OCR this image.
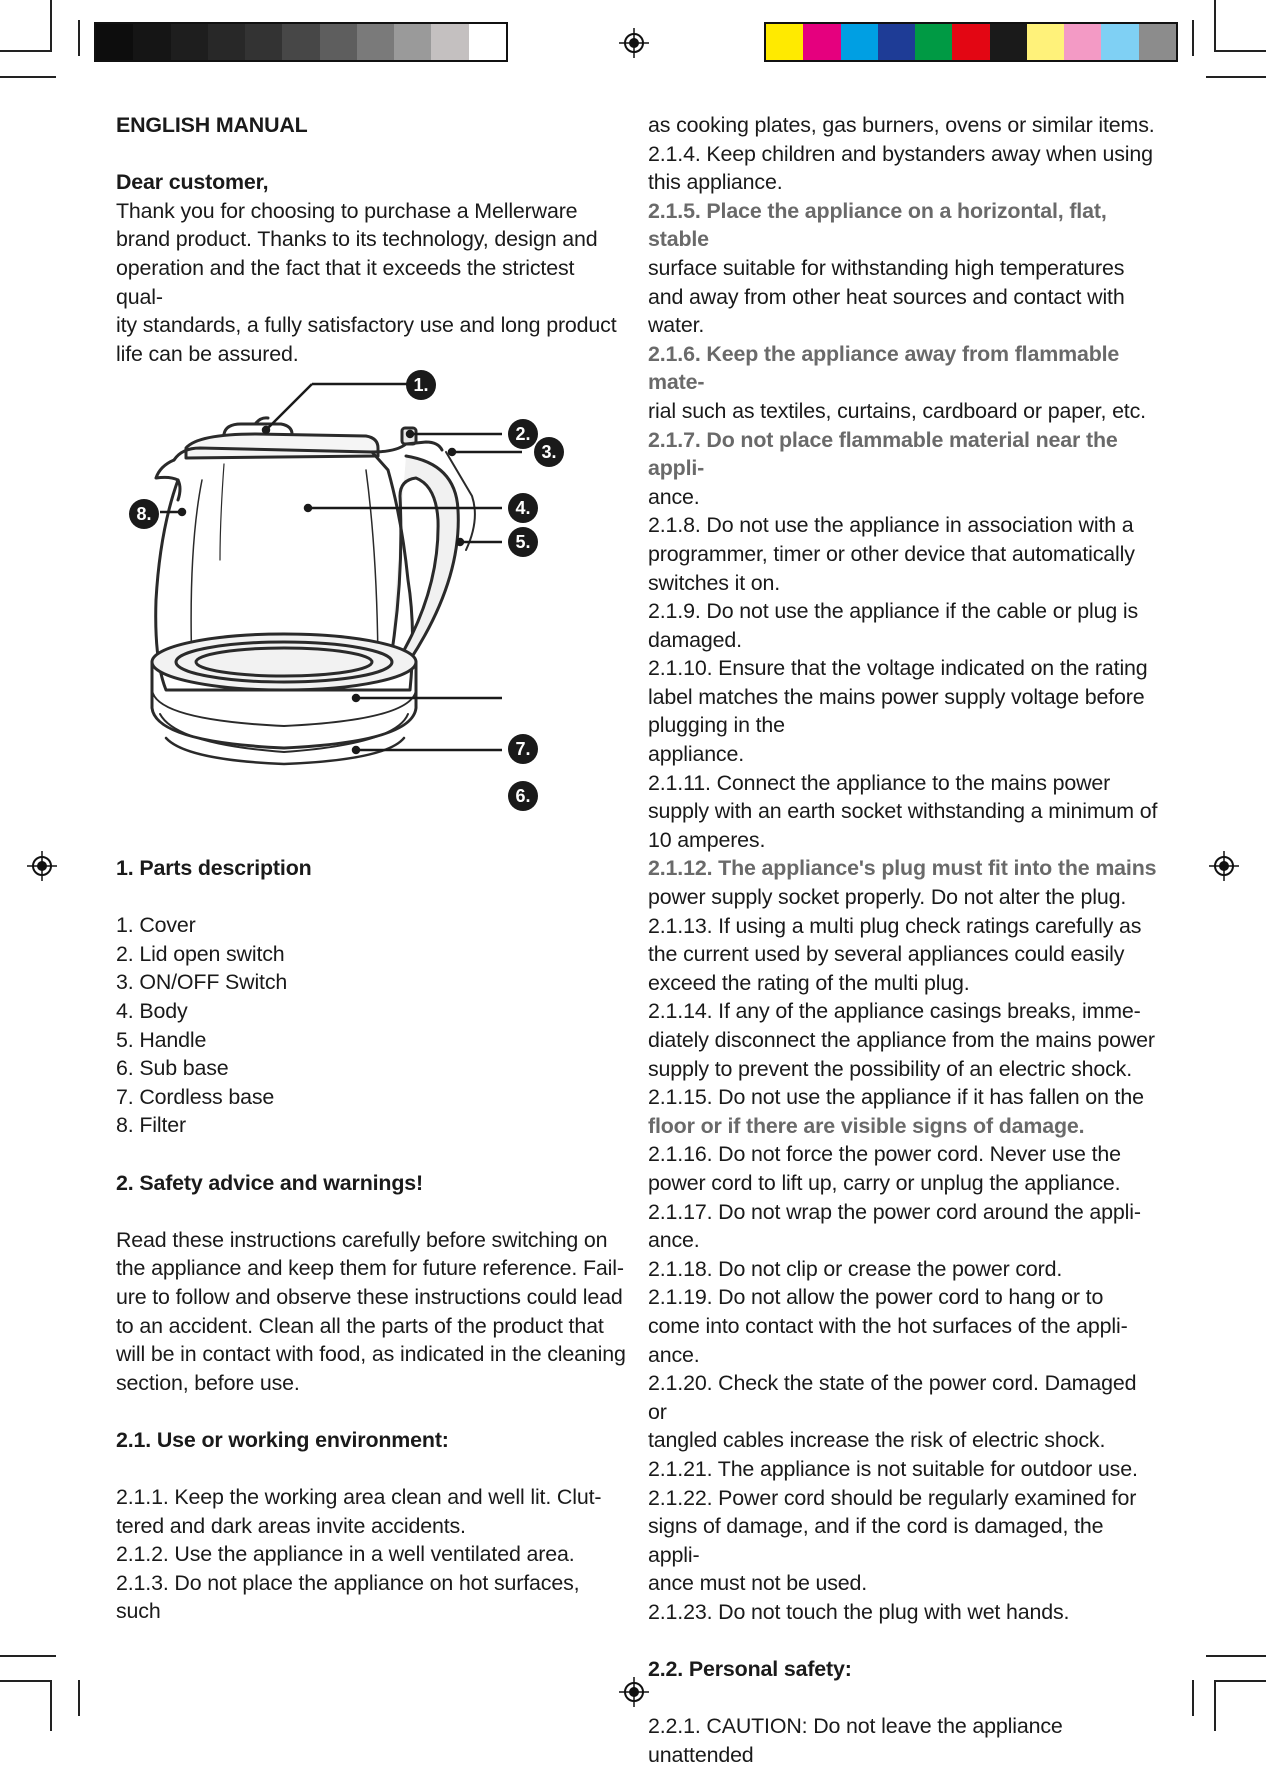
ENGLISH MANUAL

Dear customer,

Thank you for choosing to purchase a Mellerware

brand product. Thanks to its technology, design and

operation and the fact that it exceeds the strictest qual-

ity standards, a fully satisfactory use and long product

life can be assured.

1.
2.
3.
4.
5.
6.
7.
8.

1. Parts description

1. Cover

2. Lid open switch

3. ON/OFF Switch

4. Body

5. Handle

6. Sub base

7. Cordless base

8. Filter

2. Safety advice and warnings!

Read these instructions carefully before switching on

the appliance and keep them for future reference. Fail-

ure to follow and observe these instructions could lead

to an accident. Clean all the parts of the product that

will be in contact with food, as indicated in the cleaning

section, before use.

2.1. Use or working environment:

2.1.1. Keep the working area clean and well lit. Clut-

tered and dark areas invite accidents.

2.1.2. Use the appliance in a well ventilated area.

2.1.3. Do not place the appliance on hot surfaces, such

as cooking plates, gas burners, ovens or similar items.

2.1.4. Keep children and bystanders away when using

this appliance.

2.1.5. Place the appliance on a horizontal, flat, stable

surface suitable for withstanding high temperatures

and away from other heat sources and contact with

water.

2.1.6. Keep the appliance away from flammable mate-

rial such as textiles, curtains, cardboard or paper, etc.

2.1.7. Do not place flammable material near the appli-

ance.

2.1.8. Do not use the appliance in association with a

programmer, timer or other device that automatically

switches it on.

2.1.9. Do not use the appliance if the cable or plug is

damaged.

2.1.10. Ensure that the voltage indicated on the rating

label matches the mains power supply voltage before

plugging in the

appliance.

2.1.11. Connect the appliance to the mains power

supply with an earth socket withstanding a minimum of

10 amperes.

2.1.12. The appliance's plug must fit into the mains

power supply socket properly. Do not alter the plug.

2.1.13. If using a multi plug check ratings carefully as

the current used by several appliances could easily

exceed the rating of the multi plug.

2.1.14. If any of the appliance casings breaks, imme-

diately disconnect the appliance from the mains power

supply to prevent the possibility of an electric shock.

2.1.15. Do not use the appliance if it has fallen on the

floor or if there are visible signs of damage.

2.1.16. Do not force the power cord. Never use the

power cord to lift up, carry or unplug the appliance.

2.1.17. Do not wrap the power cord around the appli-

ance.

2.1.18. Do not clip or crease the power cord.

2.1.19. Do not allow the power cord to hang or to

come into contact with the hot surfaces of the appli-

ance.

2.1.20. Check the state of the power cord. Damaged or

tangled cables increase the risk of electric shock.

2.1.21. The appliance is not suitable for outdoor use.

2.1.22. Power cord should be regularly examined for

signs of damage, and if the cord is damaged, the appli-

ance must not be used.

2.1.23. Do not touch the plug with wet hands.

2.2. Personal safety:

2.2.1. CAUTION: Do not leave the appliance unattended
